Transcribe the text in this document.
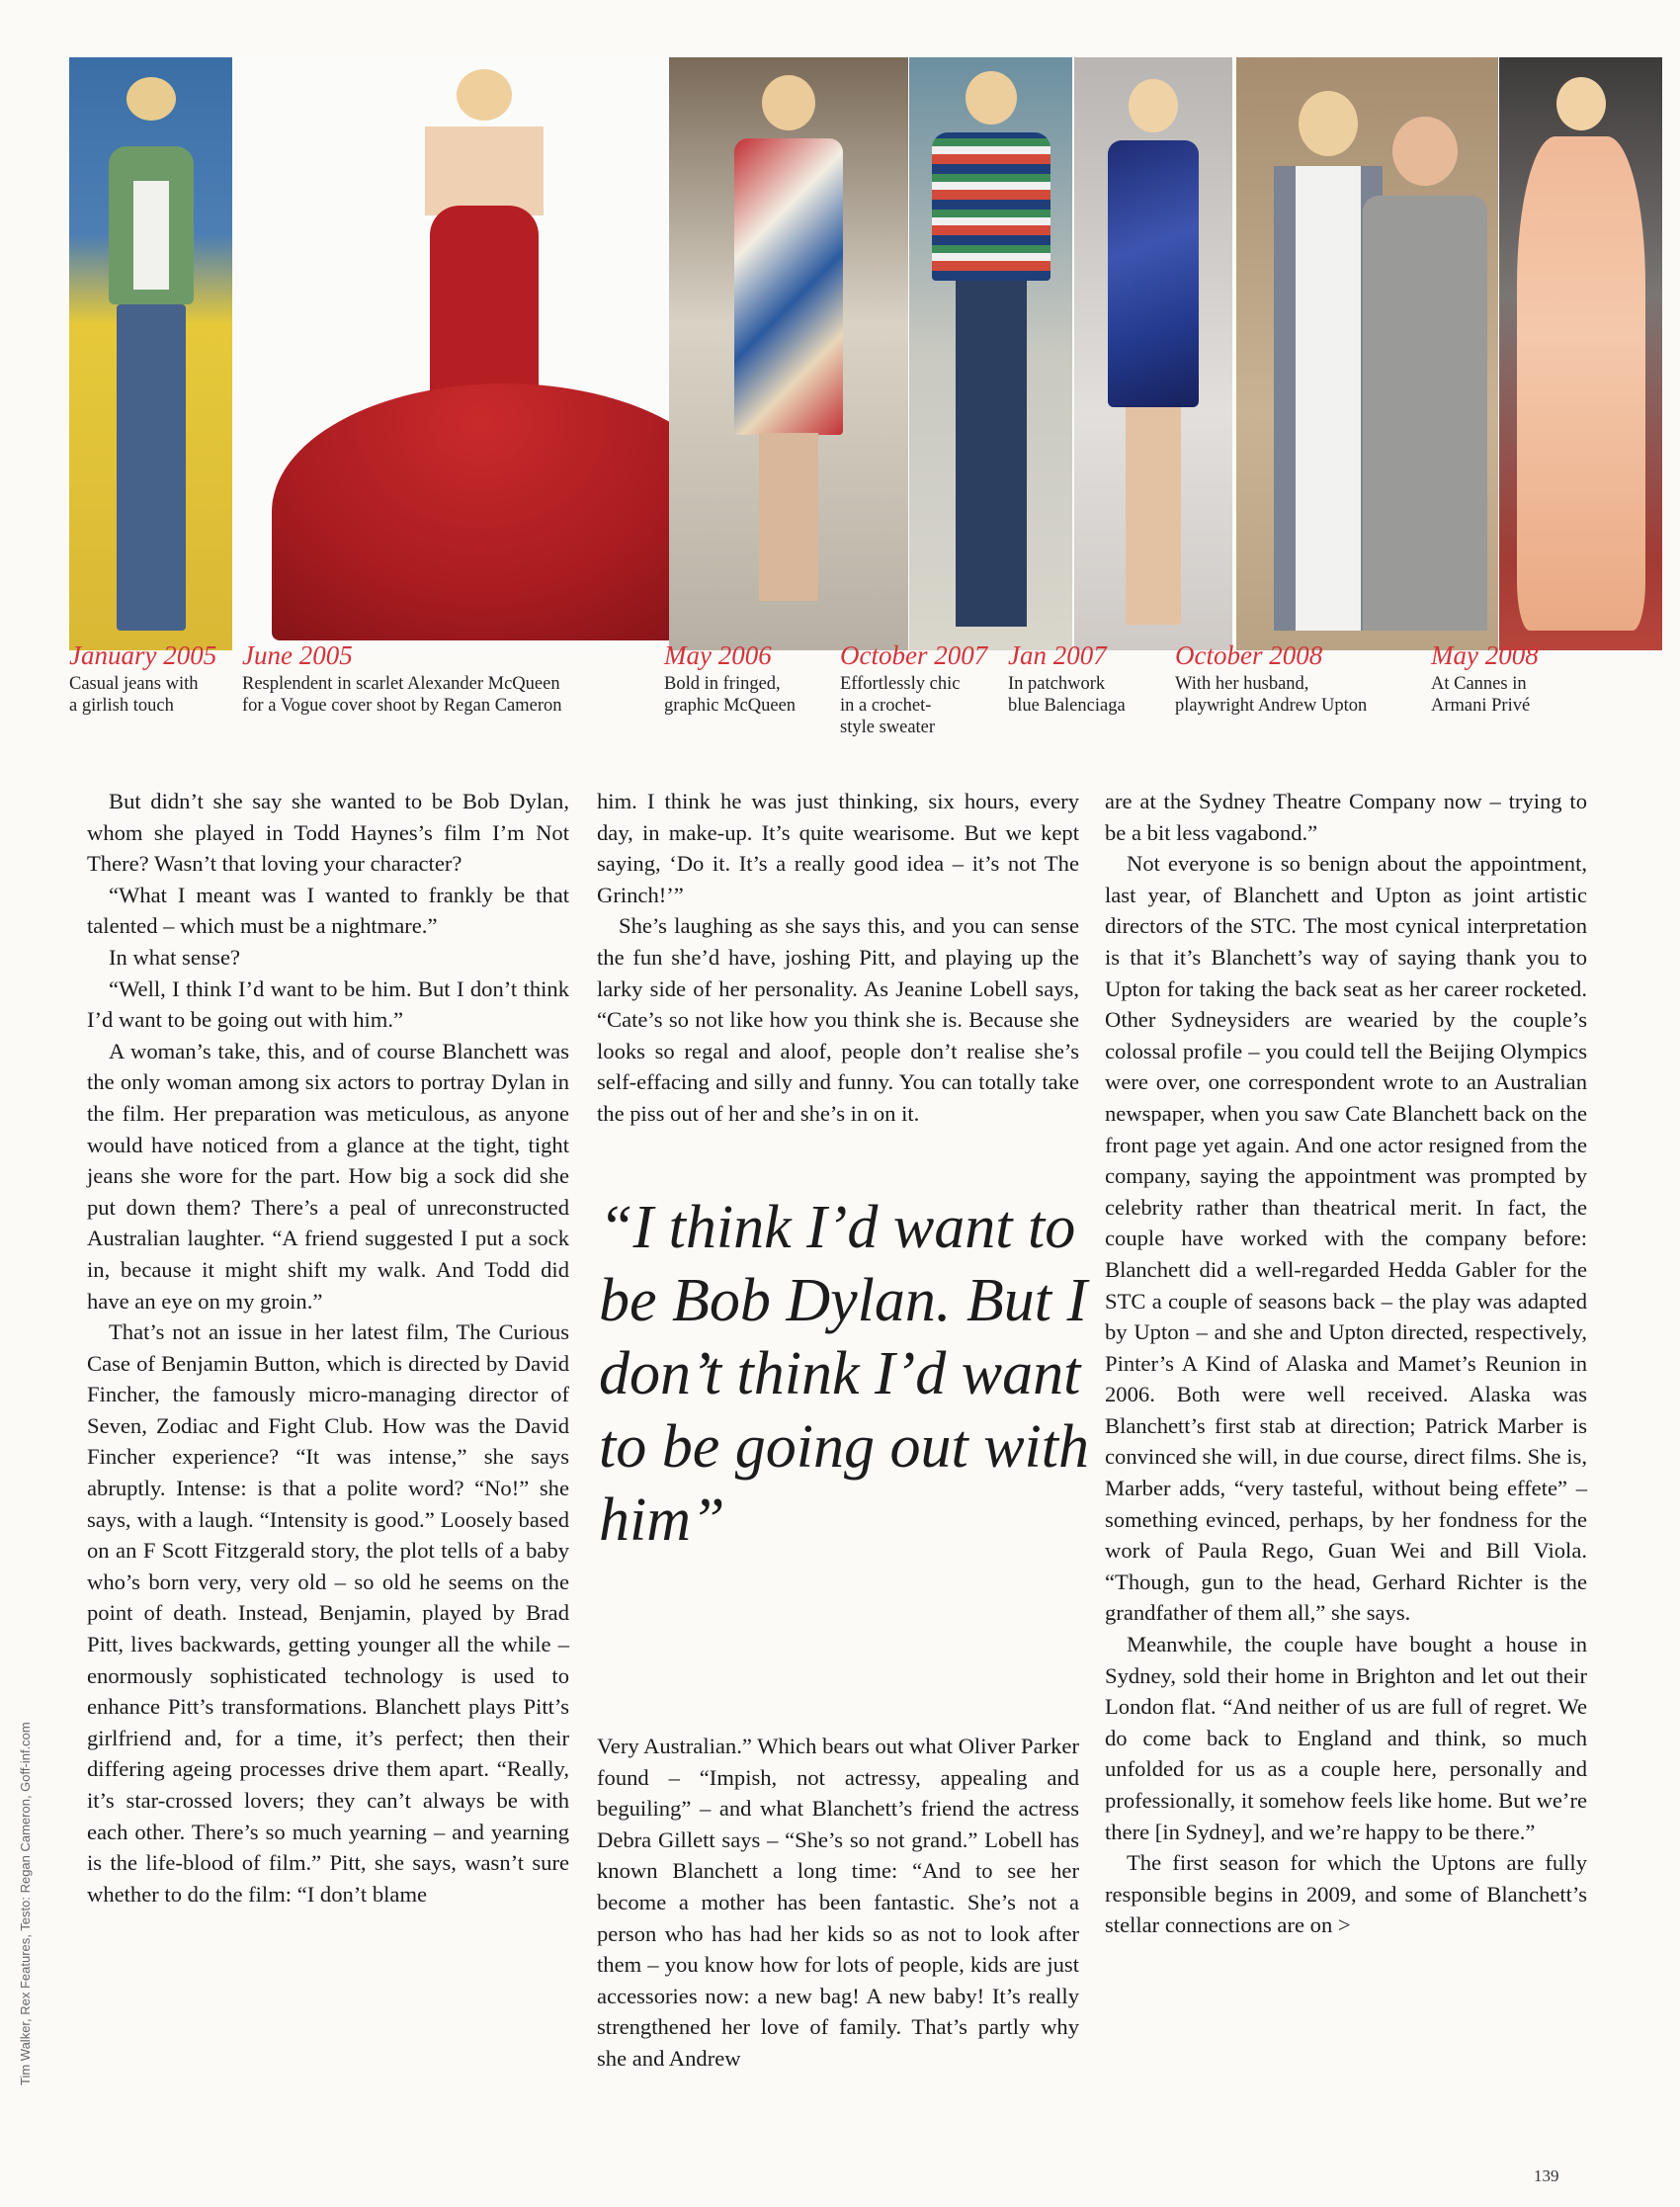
January 2005
Casual jeans with
a girlish touch
June 2005
Resplendent in scarlet Alexander McQueen
for a Vogue cover shoot by Regan Cameron
May 2006
Bold in fringed,
graphic McQueen
October 2007
Effortlessly chic
in a crochet-
style sweater
Jan 2007
In patchwork
blue Balenciaga
October 2008
With her husband,
playwright Andrew Upton
May 2008
At Cannes in
Armani Privé

But didn’t she say she wanted to be Bob Dylan, whom she played in Todd Haynes’s film I’m Not There? Wasn’t that loving your character?

“What I meant was I wanted to frankly be that talented – which must be a nightmare.”

In what sense?

“Well, I think I’d want to be him. But I don’t think I’d want to be going out with him.”

A woman’s take, this, and of course Blanchett was the only woman among six actors to portray Dylan in the film. Her preparation was meticulous, as anyone would have noticed from a glance at the tight, tight jeans she wore for the part. How big a sock did she put down them? There’s a peal of unreconstructed Australian laughter. “A friend suggested I put a sock in, because it might shift my walk. And Todd did have an eye on my groin.”

That’s not an issue in her latest film, The Curious Case of Benjamin Button, which is directed by David Fincher, the famously micro-managing director of Seven, Zodiac and Fight Club. How was the David Fincher experience? “It was intense,” she says abruptly. Intense: is that a polite word? “No!” she says, with a laugh. “Intensity is good.” Loosely based on an F Scott Fitzgerald story, the plot tells of a baby who’s born very, very old – so old he seems on the point of death. Instead, Benjamin, played by Brad Pitt, lives backwards, getting younger all the while – enormously sophisticated technology is used to enhance Pitt’s transformations. Blanchett plays Pitt’s girlfriend and, for a time, it’s perfect; then their differing ageing processes drive them apart. “Really, it’s star-crossed lovers; they can’t always be with each other. There’s so much yearning – and yearning is the life-blood of film.” Pitt, she says, wasn’t sure whether to do the film: “I don’t blame

him. I think he was just thinking, six hours, every day, in make-up. It’s quite wearisome. But we kept saying, ‘Do it. It’s a really good idea – it’s not The Grinch!’”

She’s laughing as she says this, and you can sense the fun she’d have, joshing Pitt, and playing up the larky side of her personality. As Jeanine Lobell says, “Cate’s so not like how you think she is. Because she looks so regal and aloof, people don’t realise she’s self-effacing and silly and funny. You can totally take the piss out of her and she’s in on it.

“I think I’d want to be Bob Dylan. But I don’t think I’d want to be going out with him”

Very Australian.” Which bears out what Oliver Parker found – “Impish, not actressy, appealing and beguiling” – and what Blanchett’s friend the actress Debra Gillett says – “She’s so not grand.” Lobell has known Blanchett a long time: “And to see her become a mother has been fantastic. She’s not a person who has had her kids so as not to look after them – you know how for lots of people, kids are just accessories now: a new bag! A new baby! It’s really strengthened her love of family. That’s partly why she and Andrew

are at the Sydney Theatre Company now – trying to be a bit less vagabond.”

Not everyone is so benign about the appointment, last year, of Blanchett and Upton as joint artistic directors of the STC. The most cynical interpretation is that it’s Blanchett’s way of saying thank you to Upton for taking the back seat as her career rocketed. Other Sydneysiders are wearied by the couple’s colossal profile – you could tell the Beijing Olympics were over, one correspondent wrote to an Australian newspaper, when you saw Cate Blanchett back on the front page yet again. And one actor resigned from the company, saying the appointment was prompted by celebrity rather than theatrical merit. In fact, the couple have worked with the company before: Blanchett did a well-regarded Hedda Gabler for the STC a couple of seasons back – the play was adapted by Upton – and she and Upton directed, respectively, Pinter’s A Kind of Alaska and Mamet’s Reunion in 2006. Both were well received. Alaska was Blanchett’s first stab at direction; Patrick Marber is convinced she will, in due course, direct films. She is, Marber adds, “very tasteful, without being effete” – something evinced, perhaps, by her fondness for the work of Paula Rego, Guan Wei and Bill Viola. “Though, gun to the head, Gerhard Richter is the grandfather of them all,” she says.

Meanwhile, the couple have bought a house in Sydney, sold their home in Brighton and let out their London flat. “And neither of us are full of regret. We do come back to England and think, so much unfolded for us as a couple here, personally and professionally, it somehow feels like home. But we’re there [in Sydney], and we’re happy to be there.”

The first season for which the Uptons are fully responsible begins in 2009, and some of Blanchett’s stellar connections are on >

Tim Walker, Rex Features, Testo: Regan Cameron, Goff-inf.com
139
